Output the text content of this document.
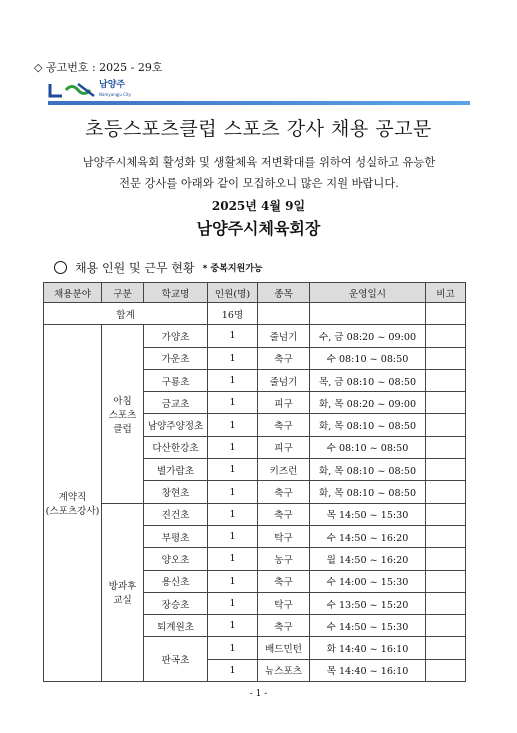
◇ 공고번호 : 2025 - 29호
남양주
Namyangju City
초등스포츠클럽 스포츠 강사 채용 공고문
남양주시체육회 활성화 및 생활체육 저변확대를 위하여 성실하고 유능한
전문 강사를 아래와 같이 모집하오니 많은 지원 바랍니다.
2025년 4월 9일
남양주시체육회장
채용 인원 및 근무 현황 * 중복지원가능
채용분야	구분	학교명	인원(명)	종목	운영일시	비고
합계			16명			
계약직
(스포츠강사)	아침
스포츠
클럽	가양초	1	줄넘기	수, 금 08:20 ~ 09:00	
		가운초	1	축구	수 08:10 ~ 08:50	
		구룡초	1	줄넘기	목, 금 08:10 ~ 08:50	
		금교초	1	피구	화, 목 08:20 ~ 09:00	
		남양주양정초	1	축구	화, 목 08:10 ~ 08:50	
		다산한강초	1	피구	수 08:10 ~ 08:50	
		별가람초	1	키즈런	화, 목 08:10 ~ 08:50	
		창현초	1	축구	화, 목 08:10 ~ 08:50	
	방과후
교실	진건초	1	축구	목 14:50 ~ 15:30	
		부평초	1	탁구	수 14:50 ~ 16:20	
		양오초	1	농구	월 14:50 ~ 16:20	
		용신초	1	축구	수 14:00 ~ 15:30	
		장승초	1	탁구	수 13:50 ~ 15:20	
		퇴계원초	1	축구	수 14:50 ~ 15:30	
		판곡초	1	배드민턴	화 14:40 ~ 16:10	
			1	뉴스포츠	목 14:40 ~ 16:10	
- 1 -
